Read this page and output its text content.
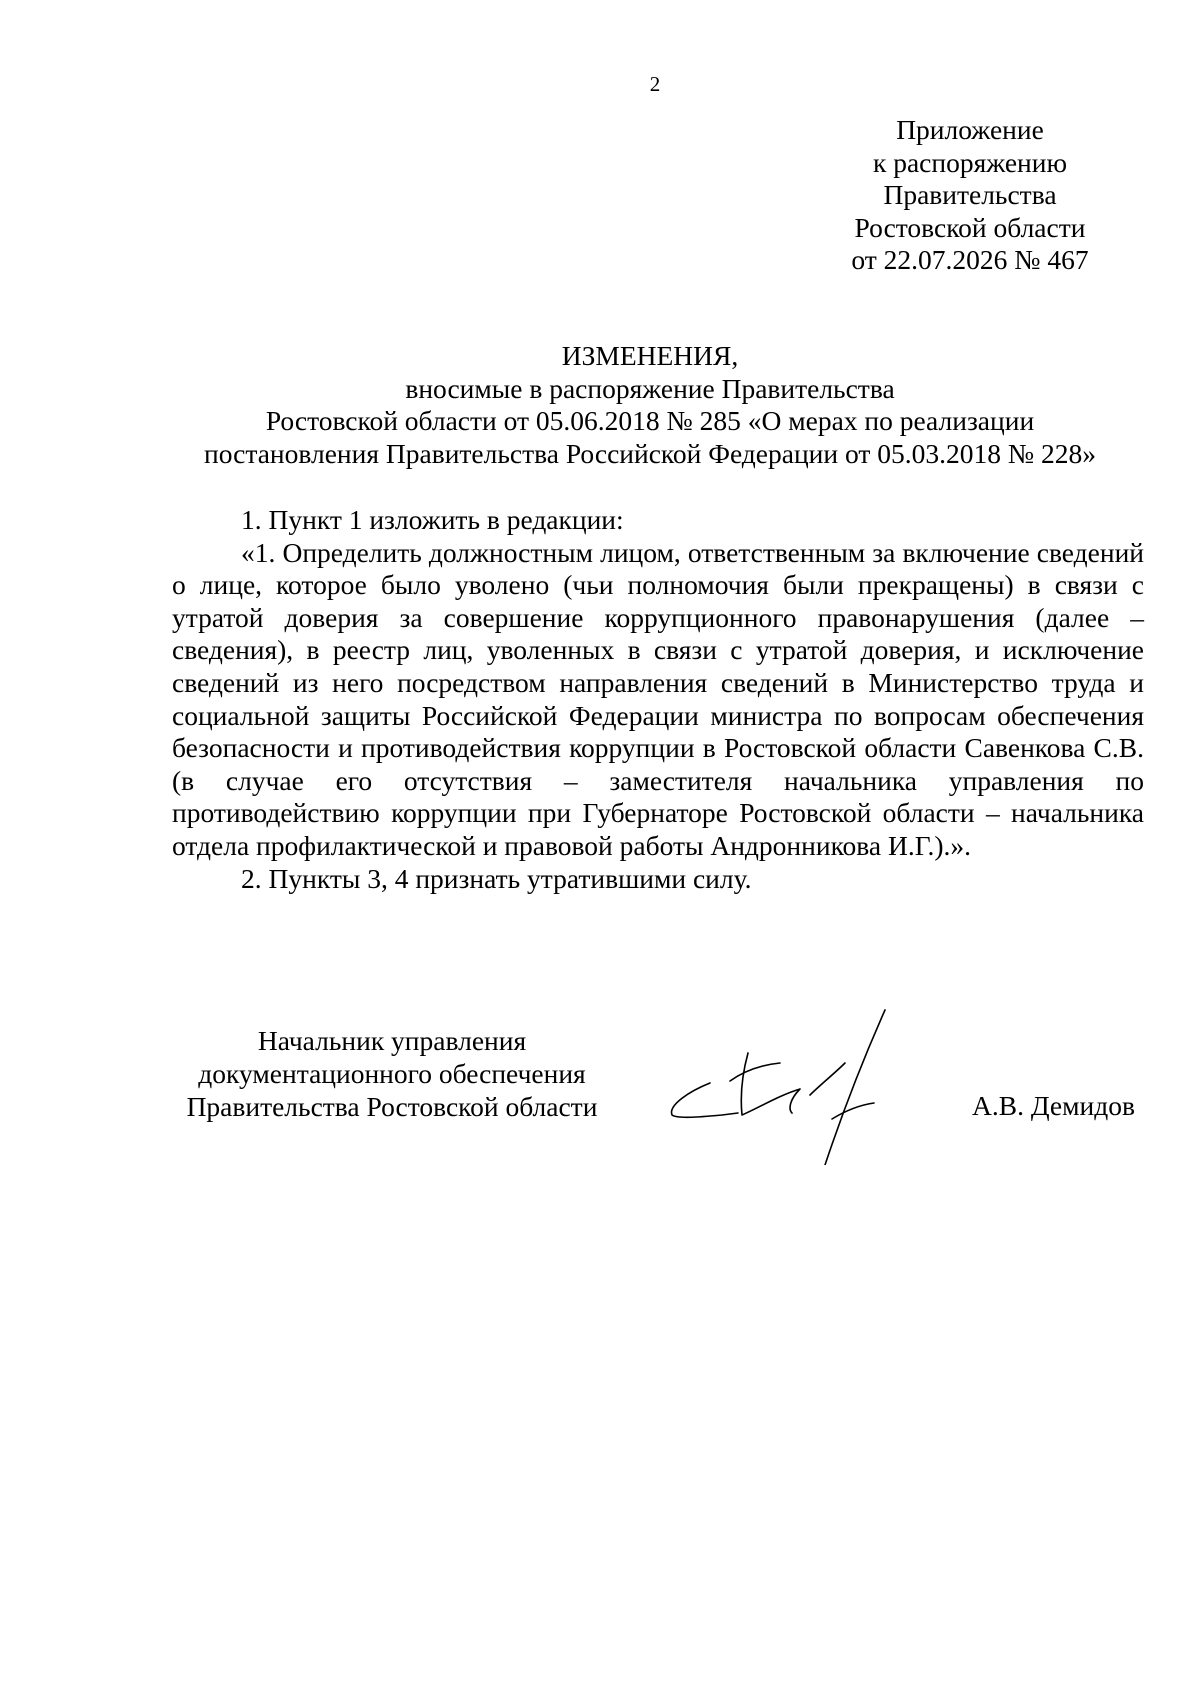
2
Приложение
к распоряжению
Правительства
Ростовской области
от 22.07.2026 № 467
ИЗМЕНЕНИЯ,
вносимые в распоряжение Правительства
Ростовской области от 05.06.2018 № 285 «О мерах по реализации
постановления Правительства Российской Федерации от 05.03.2018 № 228»
1. Пункт 1 изложить в редакции:
«1. Определить должностным лицом, ответственным за включение сведений о лице, которое было уволено (чьи полномочия были прекращены) в связи с утратой доверия за совершение коррупционного правонарушения (далее – сведения), в реестр лиц, уволенных в связи с утратой доверия, и исключение сведений из него посредством направления сведений в Министерство труда и социальной защиты Российской Федерации министра по вопросам обеспечения безопасности и противодействия коррупции в Ростовской области Савенкова С.В. (в случае его отсутствия – заместителя начальника управления по противодействию коррупции при Губернаторе Ростовской области – начальника отдела профилактической и правовой работы Андронникова И.Г.).».
2. Пункты 3, 4 признать утратившими силу.
Начальник управления
документационного обеспечения
Правительства Ростовской области	А.В. Демидов
